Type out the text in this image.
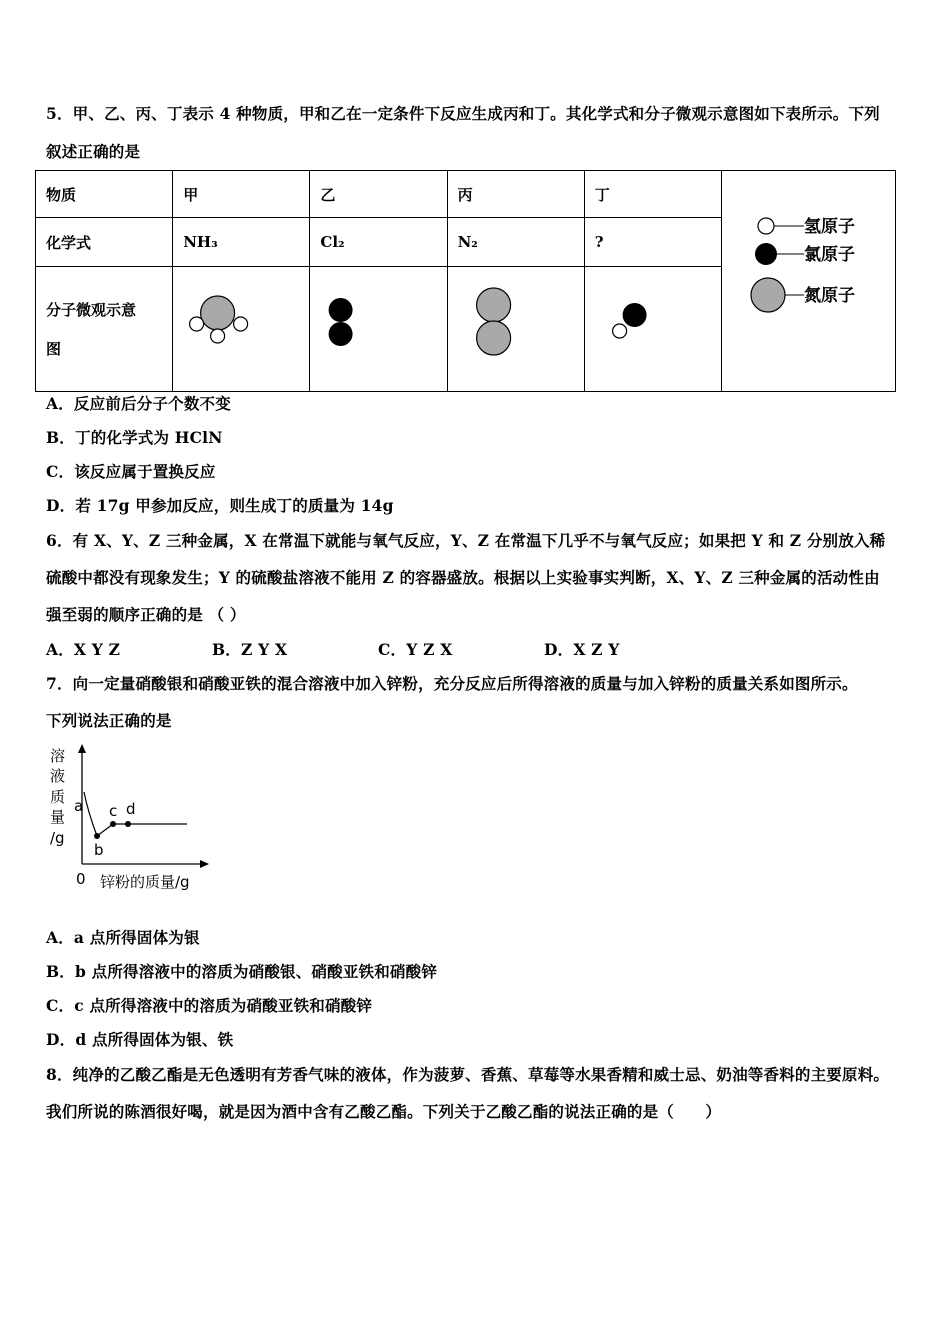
5．甲、乙、丙、丁表示 4 种物质，甲和乙在一定条件下反应生成丙和丁。其化学式和分子微观示意图如下表所示。下列
叙述正确的是
物质	甲	乙	丙	丁	氢原子
氯原子
氮原子

化学式	NH₃	Cl₂	N₂	?	

分子微观示意
图

A．反应前后分子个数不变
B．丁的化学式为 HClN
C．该反应属于置换反应
D．若 17g 甲参加反应，则生成丁的质量为 14g
6．有 X、Y、Z 三种金属，X 在常温下就能与氧气反应，Y、Z 在常温下几乎不与氧气反应；如果把 Y 和 Z 分别放入稀
硫酸中都没有现象发生；Y 的硫酸盐溶液不能用 Z 的容器盛放。根据以上实验事实判断，X、Y、Z 三种金属的活动性由
强至弱的顺序正确的是 （ ）
A．X Y Z	B．Z Y X	C．Y Z X	D．X Z Y
7．向一定量硝酸银和硝酸亚铁的混合溶液中加入锌粉，充分反应后所得溶液的质量与加入锌粉的质量关系如图所示。
下列说法正确的是
溶
液
质
量
/g
0 锌粉的质量/g
a
b
c d
A．a 点所得固体为银
B．b 点所得溶液中的溶质为硝酸银、硝酸亚铁和硝酸锌
C．c 点所得溶液中的溶质为硝酸亚铁和硝酸锌
D．d 点所得固体为银、铁
8．纯净的乙酸乙酯是无色透明有芳香气味的液体，作为菠萝、香蕉、草莓等水果香精和威士忌、奶油等香料的主要原料。
我们所说的陈酒很好喝，就是因为酒中含有乙酸乙酯。下列关于乙酸乙酯的说法正确的是（　　）
